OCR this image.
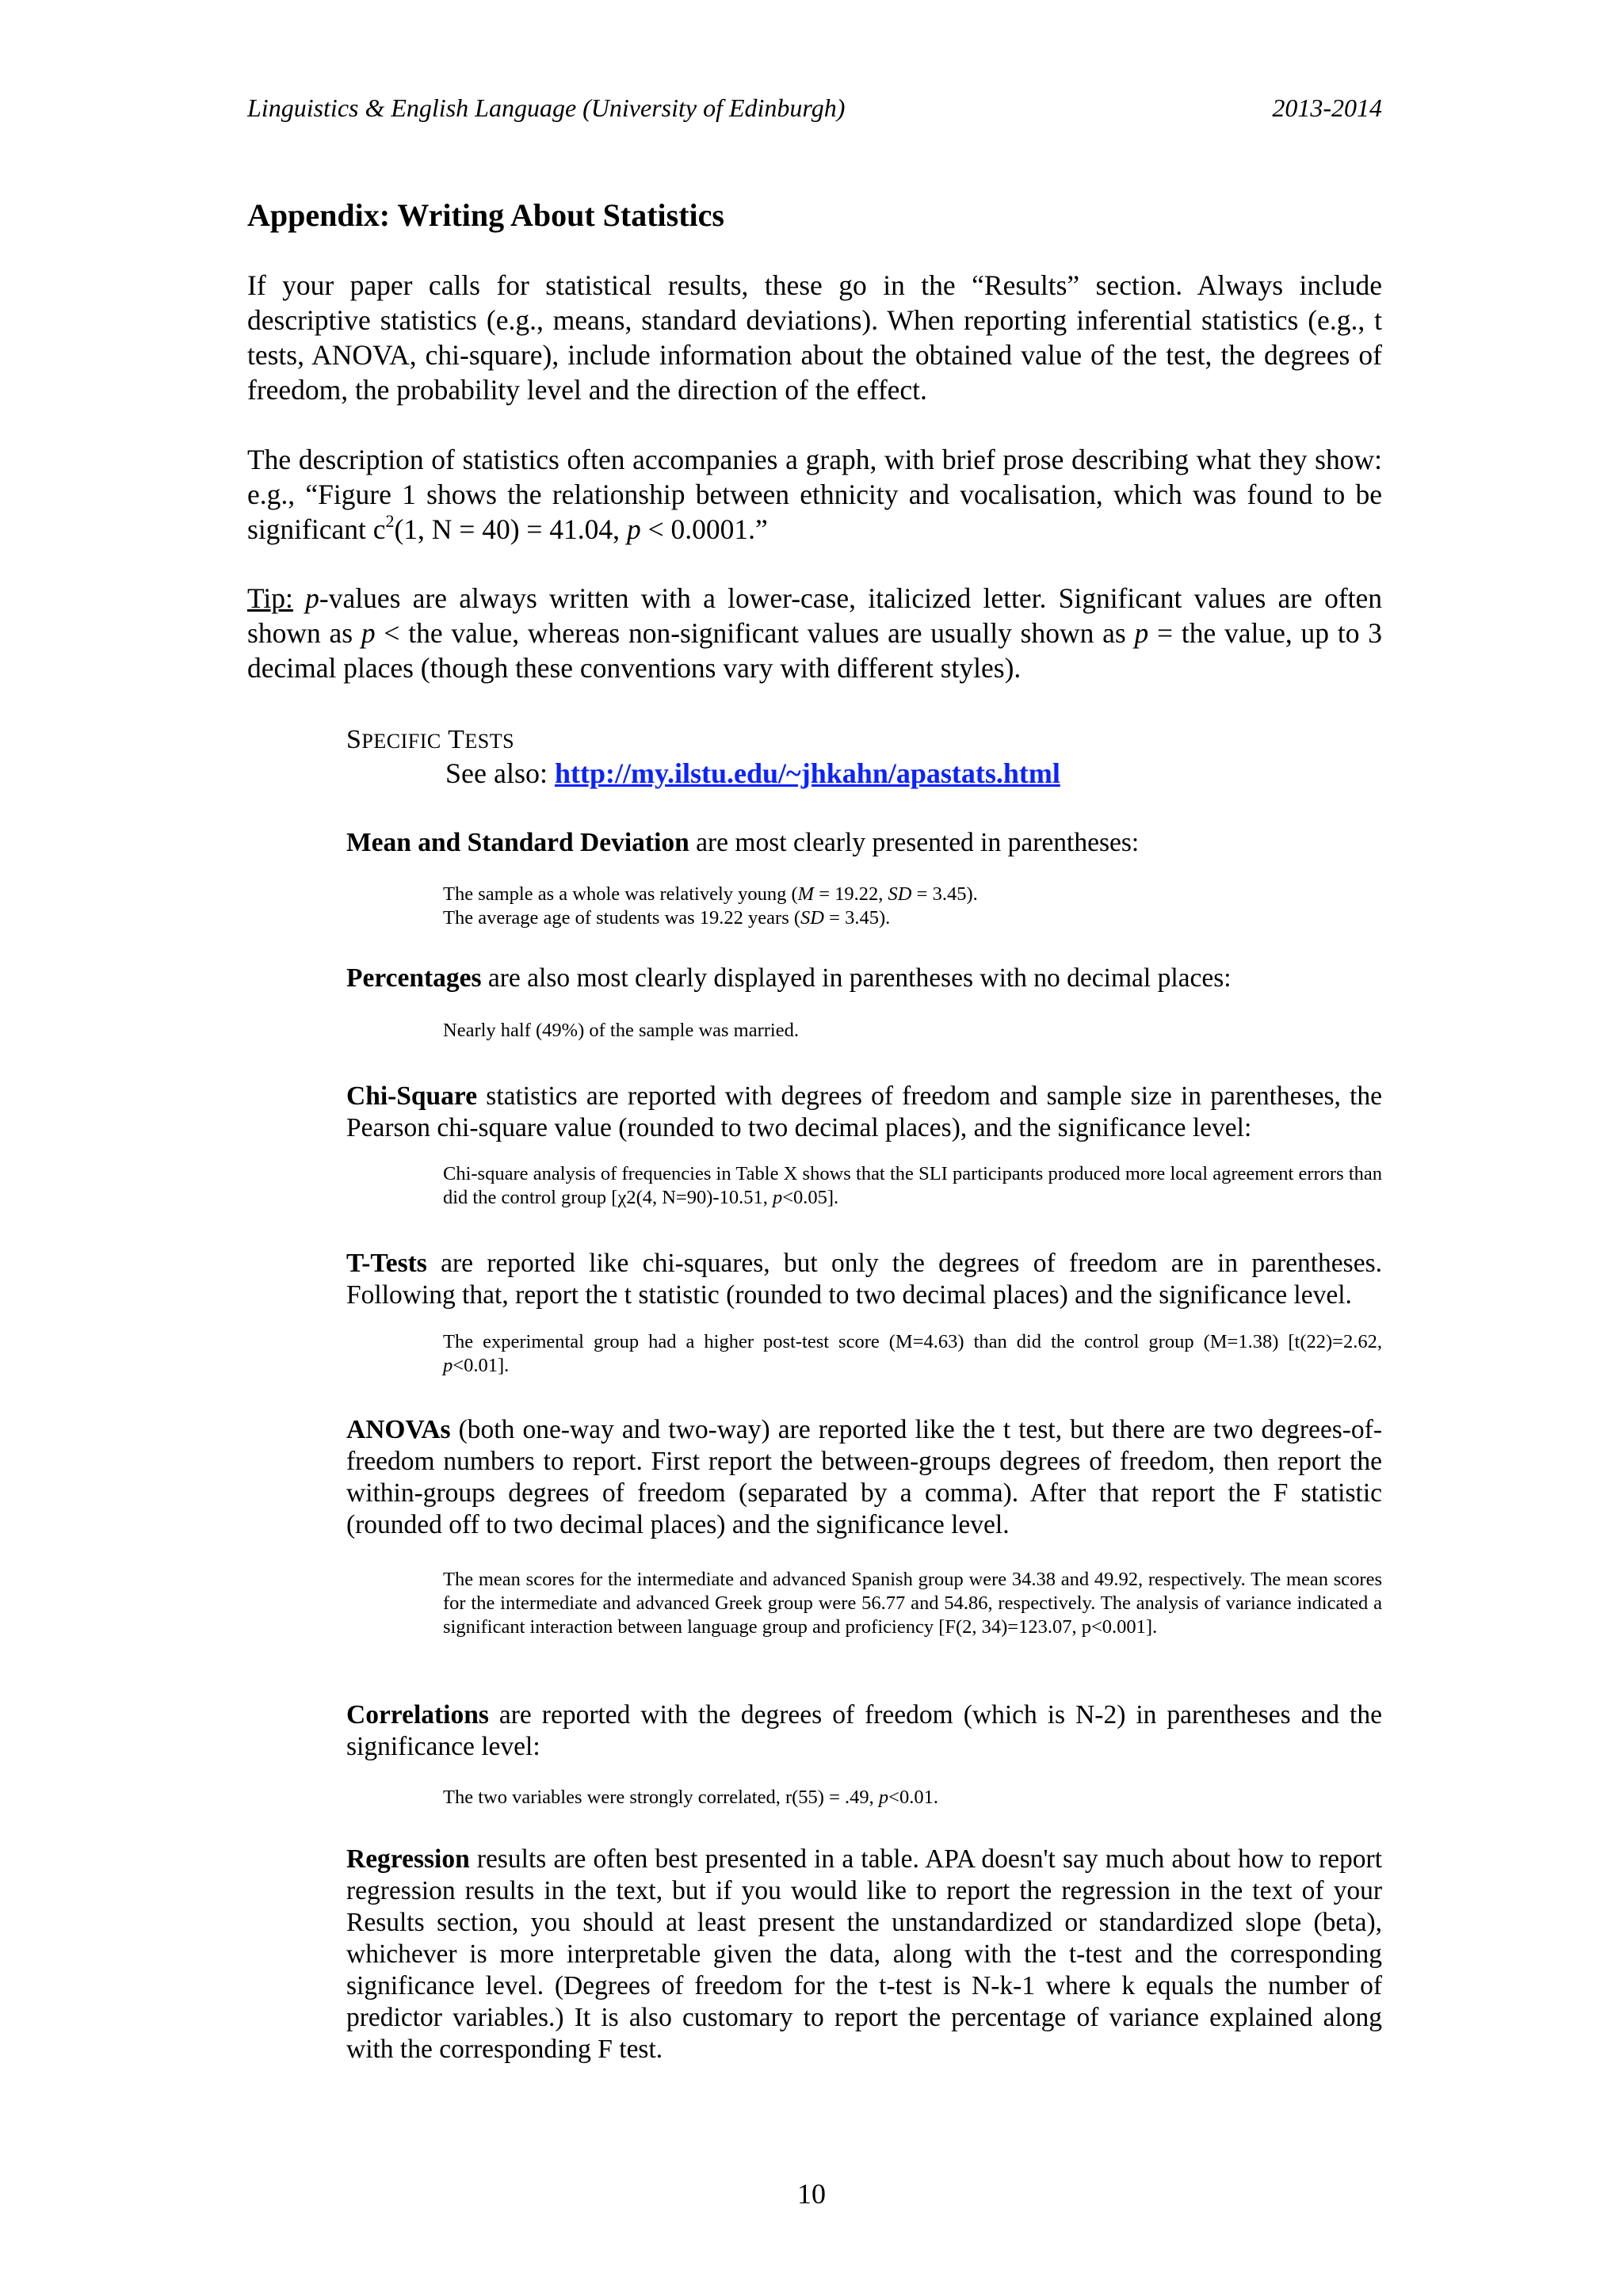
Linguistics & English Language (University of Edinburgh)	2013-2014
Appendix: Writing About Statistics

If your paper calls for statistical results, these go in the “Results” section. Always include descriptive statistics (e.g., means, standard deviations). When reporting inferential statistics (e.g., t tests, ANOVA, chi-square), include information about the obtained value of the test, the degrees of freedom, the probability level and the direction of the effect.

The description of statistics often accompanies a graph, with brief prose describing what they show: e.g., “Figure 1 shows the relationship between ethnicity and vocalisation, which was found to be significant $c^2(1$, N = 40) = 41.04, p < 0.0001.”

Tip: p-values are always written with a lower-case, italicized letter. Significant values are often shown as p < the value, whereas non-significant values are usually shown as p = the value, up to 3 decimal places (though these conventions vary with different styles).

SPECIFIC TESTS
See also: http://my.ilstu.edu/~jhkahn/apastats.html

Mean and Standard Deviation are most clearly presented in parentheses:

The sample as a whole was relatively young (M = 19.22, SD = 3.45).
The average age of students was 19.22 years (SD = 3.45).

Percentages are also most clearly displayed in parentheses with no decimal places:

Nearly half (49%) of the sample was married.

Chi-Square statistics are reported with degrees of freedom and sample size in parentheses, the Pearson chi-square value (rounded to two decimal places), and the significance level:

Chi-square analysis of frequencies in Table X shows that the SLI participants produced more local agreement errors than did the control group [χ2(4, N=90)-10.51, p<0.05].

T-Tests are reported like chi-squares, but only the degrees of freedom are in parentheses. Following that, report the t statistic (rounded to two decimal places) and the significance level.

The experimental group had a higher post-test score (M=4.63) than did the control group (M=1.38) [t(22)=2.62, p<0.01].

ANOVAs (both one-way and two-way) are reported like the t test, but there are two degrees-of-freedom numbers to report. First report the between-groups degrees of freedom, then report the within-groups degrees of freedom (separated by a comma). After that report the F statistic (rounded off to two decimal places) and the significance level.

The mean scores for the intermediate and advanced Spanish group were 34.38 and 49.92, respectively. The mean scores for the intermediate and advanced Greek group were 56.77 and 54.86, respectively. The analysis of variance indicated a significant interaction between language group and proficiency [F(2, 34)=123.07, p<0.001].

Correlations are reported with the degrees of freedom (which is N-2) in parentheses and the significance level:

The two variables were strongly correlated, r(55) = .49, p<0.01.

Regression results are often best presented in a table. APA doesn't say much about how to report regression results in the text, but if you would like to report the regression in the text of your Results section, you should at least present the unstandardized or standardized slope (beta), whichever is more interpretable given the data, along with the t-test and the corresponding significance level. (Degrees of freedom for the t-test is N-k-1 where k equals the number of predictor variables.) It is also customary to report the percentage of variance explained along with the corresponding F test.

10
